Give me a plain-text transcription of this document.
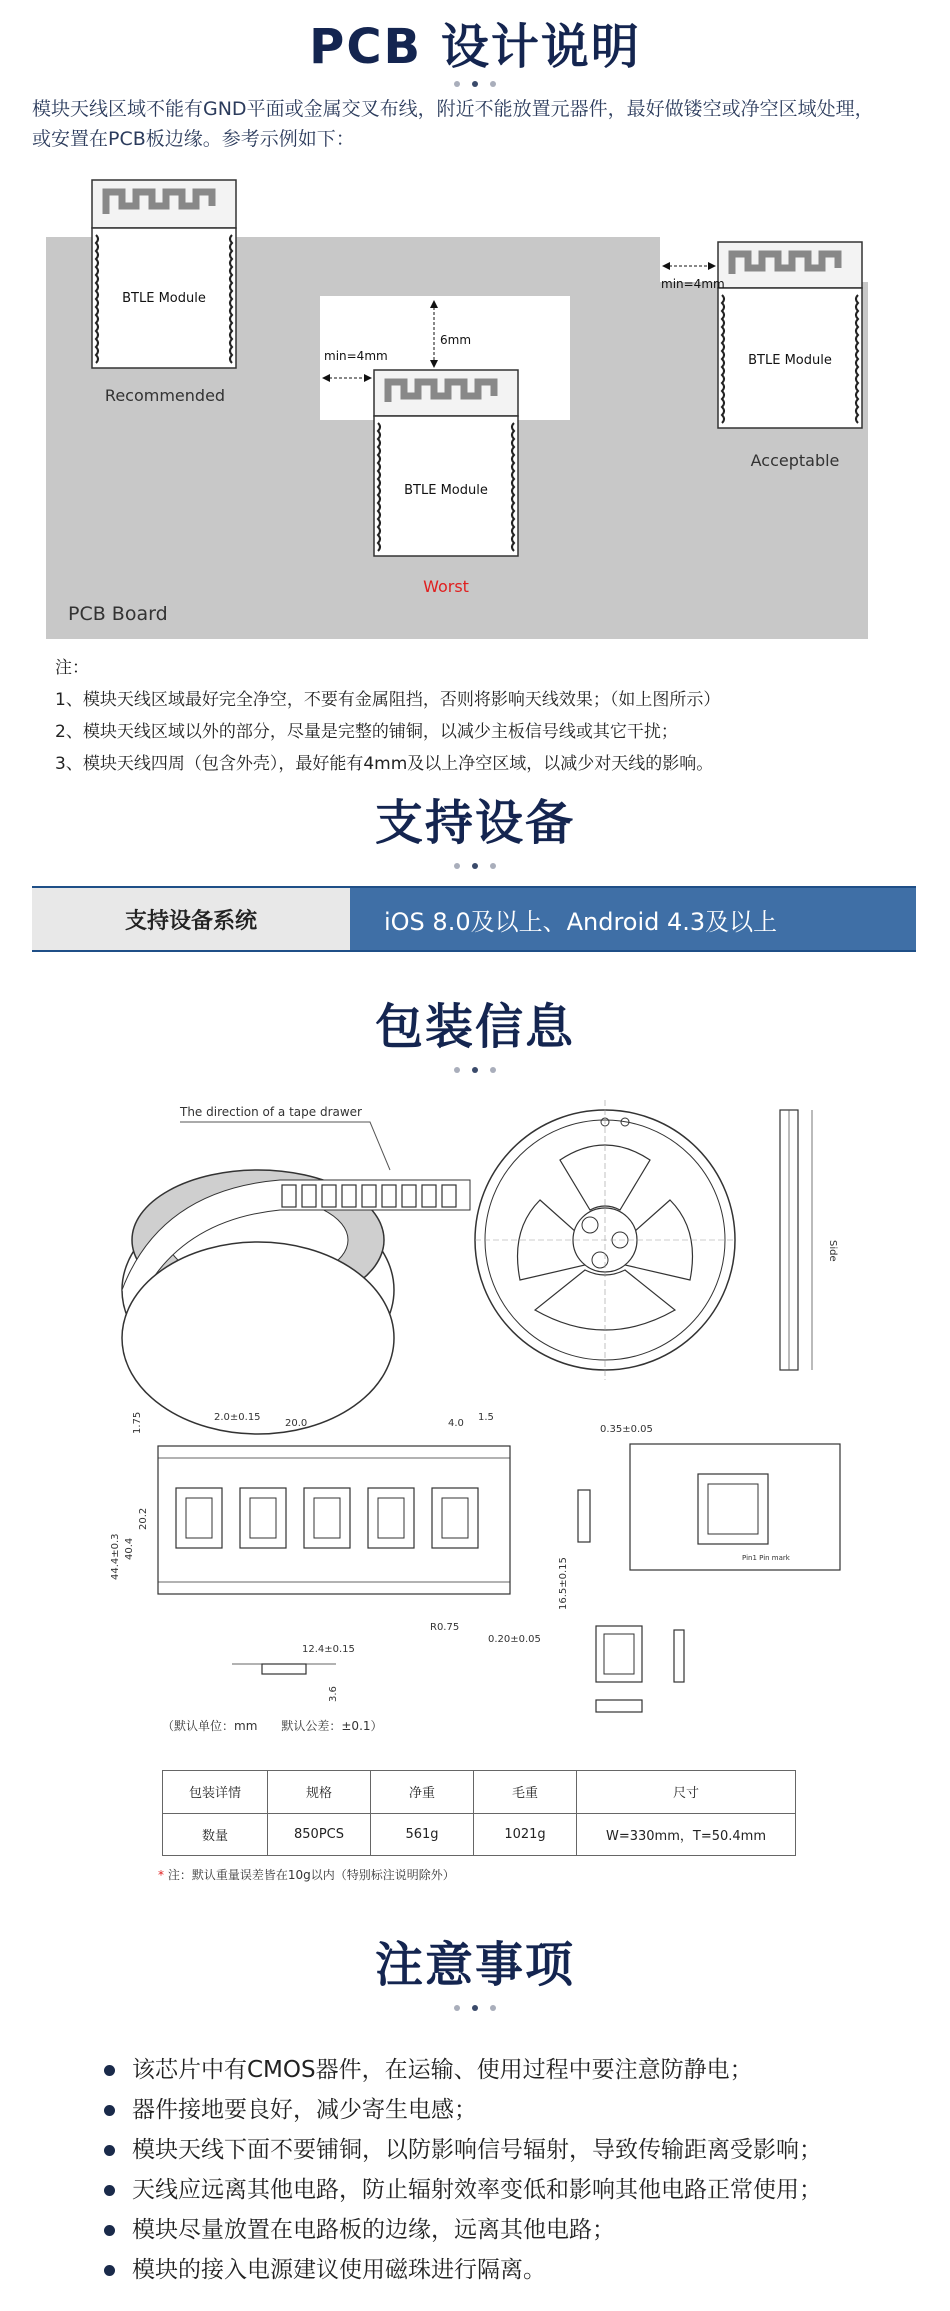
PCB 设计说明
模块天线区域不能有GND平面或金属交叉布线，附近不能放置元器件，最好做镂空或净空区域处理，
或安置在PCB板边缘。参考示例如下：
BTLE Module
Recommended
BTLE Module
Worst
6mm
min=4mm	BTLE Module
Acceptable
min=4mm
PCB Board
注：
1、模块天线区域最好完全净空，不要有金属阻挡，否则将影响天线效果；（如上图所示）
2、模块天线区域以外的部分，尽量是完整的铺铜，以减少主板信号线或其它干扰；
3、模块天线四周（包含外壳），最好能有4mm及以上净空区域，以减少对天线的影响。
支持设备
支持设备系统	iOS 8.0及以上、Android 4.3及以上
包装信息
The direction of a tape drawer
Side
1.75	2.0±0.15
20.0	4.0
1.5
20.2
40.4
44.4±0.3
R0.75
0.20±0.05
12.4±0.15
3.6
0.35±0.05
16.5±0.15	Pin1 Pin mark
（默认单位：mm　　默认公差：±0.1）
包装详情	规格	净重	毛重	尺寸
数量	850PCS	561g	1021g	W=330mm，T=50.4mm
* 注：默认重量误差皆在10g以内（特别标注说明除外）
注意事项
该芯片中有CMOS器件，在运输、使用过程中要注意防静电；
器件接地要良好，减少寄生电感；
模块天线下面不要铺铜，以防影响信号辐射，导致传输距离受影响；
天线应远离其他电路，防止辐射效率变低和影响其他电路正常使用；
模块尽量放置在电路板的边缘，远离其他电路；
模块的接入电源建议使用磁珠进行隔离。
